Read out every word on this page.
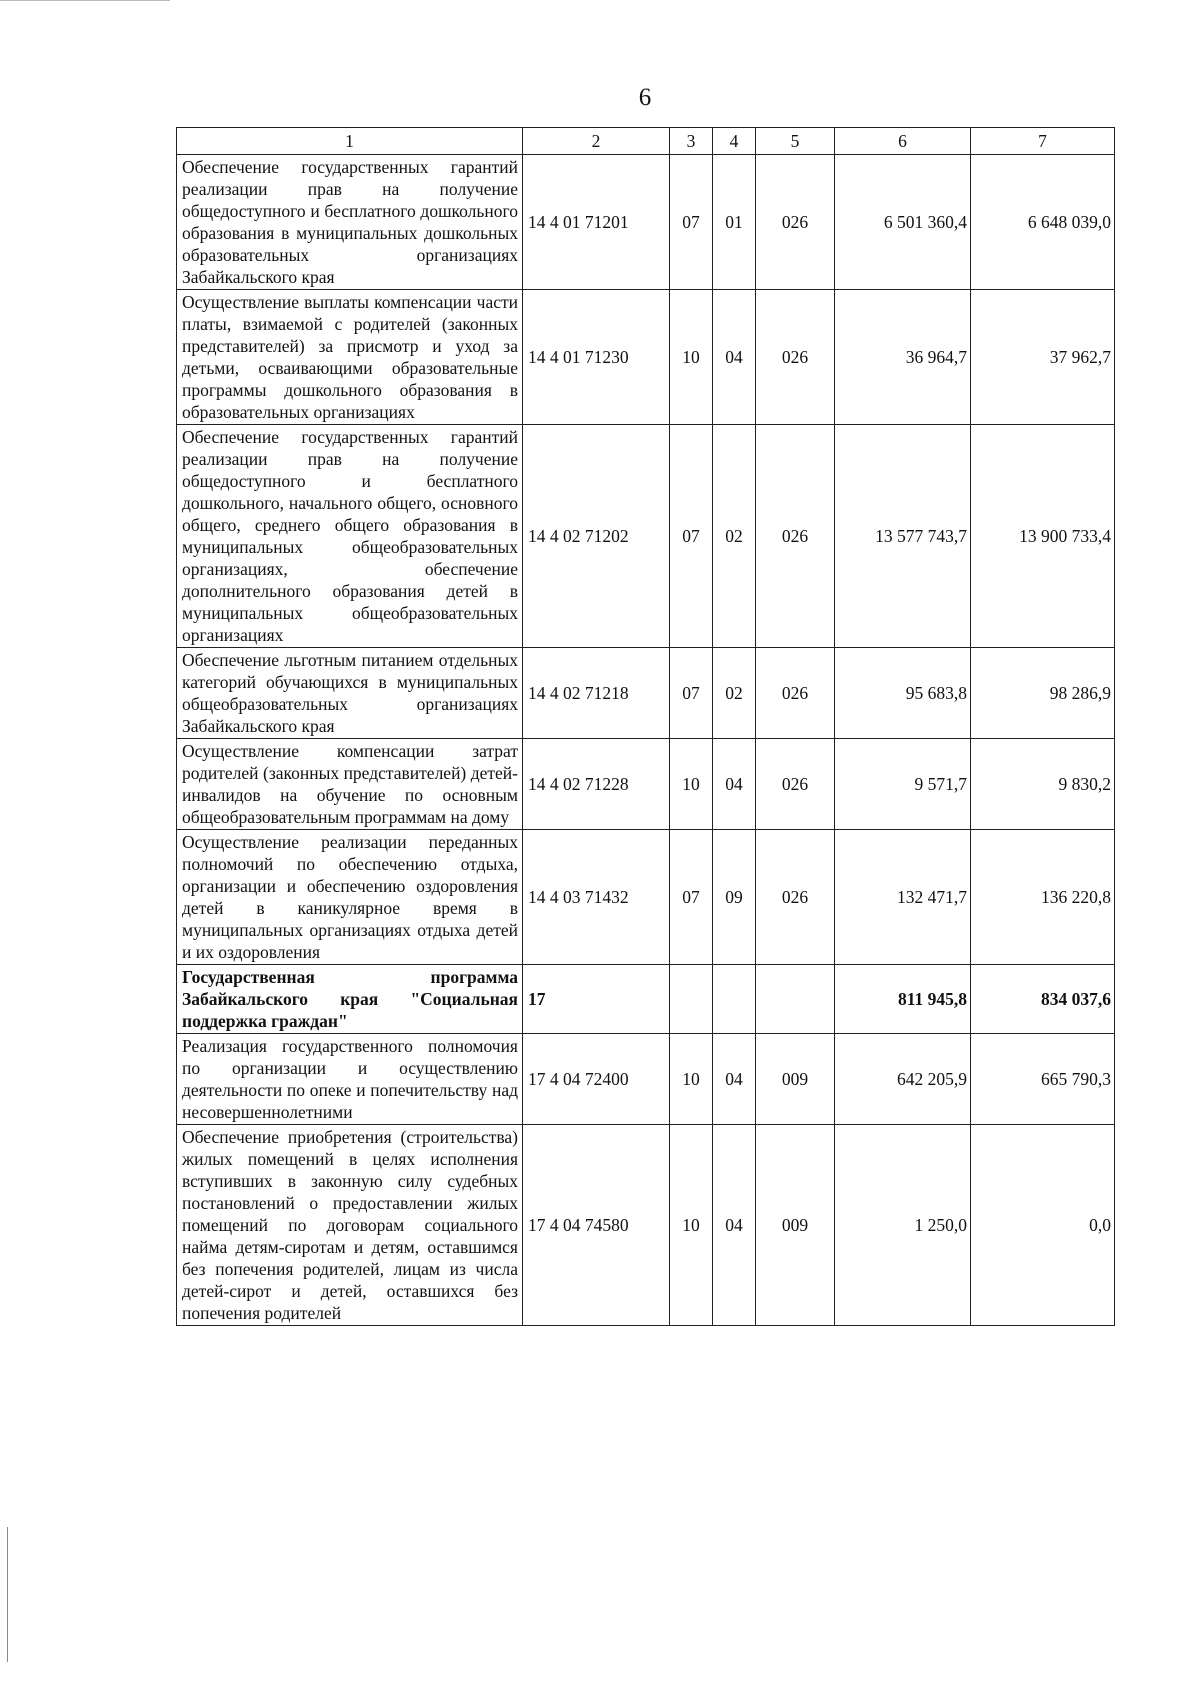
6
1	2	3	4	5	6	7
Обеспечение государственных гарантий реализации прав на получение общедоступного и бесплатного дошкольного образования в муниципальных дошкольных образовательных организациях Забайкальского края	14 4 01 71201	07	01	026	6 501 360,4	6 648 039,0
Осуществление выплаты компенсации части платы, взимаемой с родителей (законных представителей) за присмотр и уход за детьми, осваивающими образовательные программы дошкольного образования в образовательных организациях	14 4 01 71230	10	04	026	36 964,7	37 962,7
Обеспечение государственных гарантий реализации прав на получение общедоступного и бесплатного дошкольного, начального общего, основного общего, среднего общего образования в муниципальных общеобразовательных организациях, обеспечение дополнительного образования детей в муниципальных общеобразовательных организациях	14 4 02 71202	07	02	026	13 577 743,7	13 900 733,4
Обеспечение льготным питанием отдельных категорий обучающихся в муниципальных общеобразовательных организациях Забайкальского края	14 4 02 71218	07	02	026	95 683,8	98 286,9
Осуществление компенсации затрат родителей (законных представителей) детей-инвалидов на обучение по основным общеобразовательным программам на дому	14 4 02 71228	10	04	026	9 571,7	9 830,2
Осуществление реализации переданных полномочий по обеспечению отдыха, организации и обеспечению оздоровления детей в каникулярное время в муниципальных организациях отдыха детей и их оздоровления	14 4 03 71432	07	09	026	132 471,7	136 220,8
Государственная программа Забайкальского края "Социальная поддержка граждан"	17				811 945,8	834 037,6
Реализация государственного полномочия по организации и осуществлению деятельности по опеке и попечительству над несовершеннолетними	17 4 04 72400	10	04	009	642 205,9	665 790,3
Обеспечение приобретения (строительства) жилых помещений в целях исполнения вступивших в законную силу судебных постановлений о предоставлении жилых помещений по договорам социального найма детям-сиротам и детям, оставшимся без попечения родителей, лицам из числа детей-сирот и детей, оставшихся без попечения родителей	17 4 04 74580	10	04	009	1 250,0	0,0
